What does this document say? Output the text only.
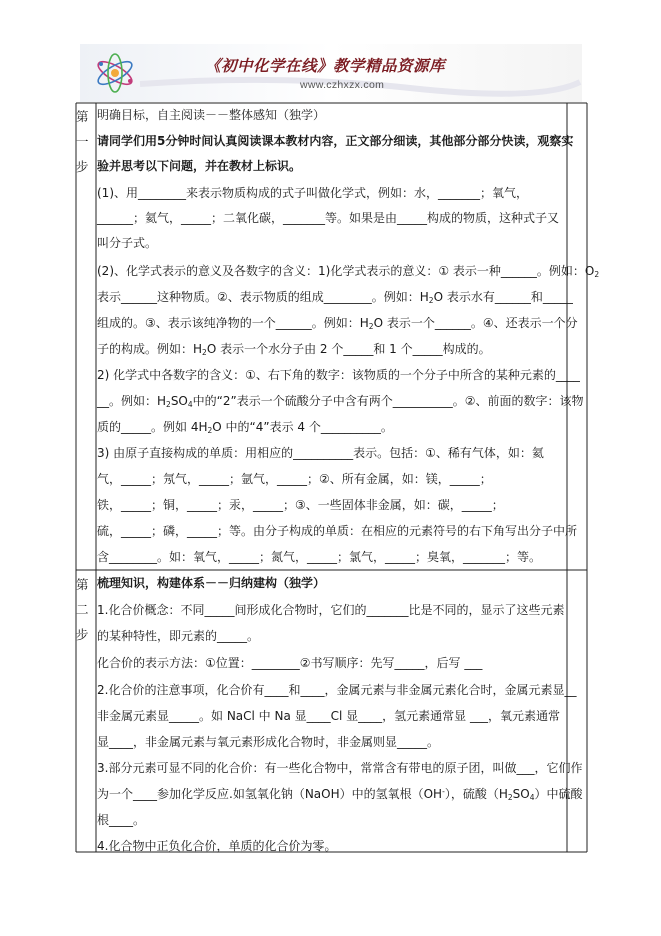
《初中化学在线》教学精品资源库
www.czhxzx.com
第
一
步
明确目标，自主阅读－－整体感知（独学）
请同学们用5分钟时间认真阅读课本教材内容，正文部分细读，其他部分部分快读，观察实
验并思考以下问题，并在教材上标识。
(1)、用________来表示物质构成的式子叫做化学式，例如：水，_______；氧气，
______；氦气，_____；二氧化碳，_______等。如果是由_____构成的物质，这种式子又
叫分子式。
(2)、化学式表示的意义及各数字的含义：1)化学式表示的意义：① 表示一种______。例如：$O_2$
表示______这种物质。②、表示物质的组成________。例如：$H_2O$ 表示水有______和_____
组成的。③、表示该纯净物的一个______。例如：$H_2O$ 表示一个______。④、还表示一个分
子的构成。例如：$H_2O$ 表示一个水分子由 2 个_____和 1 个_____构成的。
2) 化学式中各数字的含义：①、右下角的数字：该物质的一个分子中所含的某种元素的____
__。例如：$H_2SO_4$中的“2”表示一个硫酸分子中含有两个__________。②、前面的数字：该物
质的_____。例如 $4H_2O$ 中的“4”表示 4 个__________。
3) 由原子直接构成的单质：用相应的__________表示。包括：①、稀有气体，如：氦
气，_____；氖气，_____；氩气，_____；②、所有金属，如：镁，_____；
铁，_____；铜，_____；汞，_____；③、一些固体非金属，如：碳，_____；
硫，_____；磷，_____；等。由分子构成的单质：在相应的元素符号的右下角写出分子中所
含________。如：氧气，_____；氮气，_____；氯气，_____；臭氧，_______；等。
第
二
步
梳理知识，构建体系－－归纳建构（独学）
1.化合价概念：不同_____间形成化合物时，它们的_______比是不同的，显示了这些元素
的某种特性，即元素的_____。
化合价的表示方法：①位置：________②书写顺序：先写_____，后写 ___
2.化合价的注意事项，化合价有____和____，金属元素与非金属元素化合时，金属元素显__
非金属元素显_____。如 NaCl 中 Na 显____Cl 显____，氢元素通常显 ___，氧元素通常
显____，非金属元素与氧元素形成化合物时，非金属则显_____。
3.部分元素可显不同的化合价：有一些化合物中，常常含有带电的原子团，叫做___，它们作
为一个____参加化学反应.如氢氧化钠（NaOH）中的氢氧根（OH-），硫酸$(H_2SO_4)$中硫酸
根____。
4.化合物中正负化合价，单质的化合价为零。
